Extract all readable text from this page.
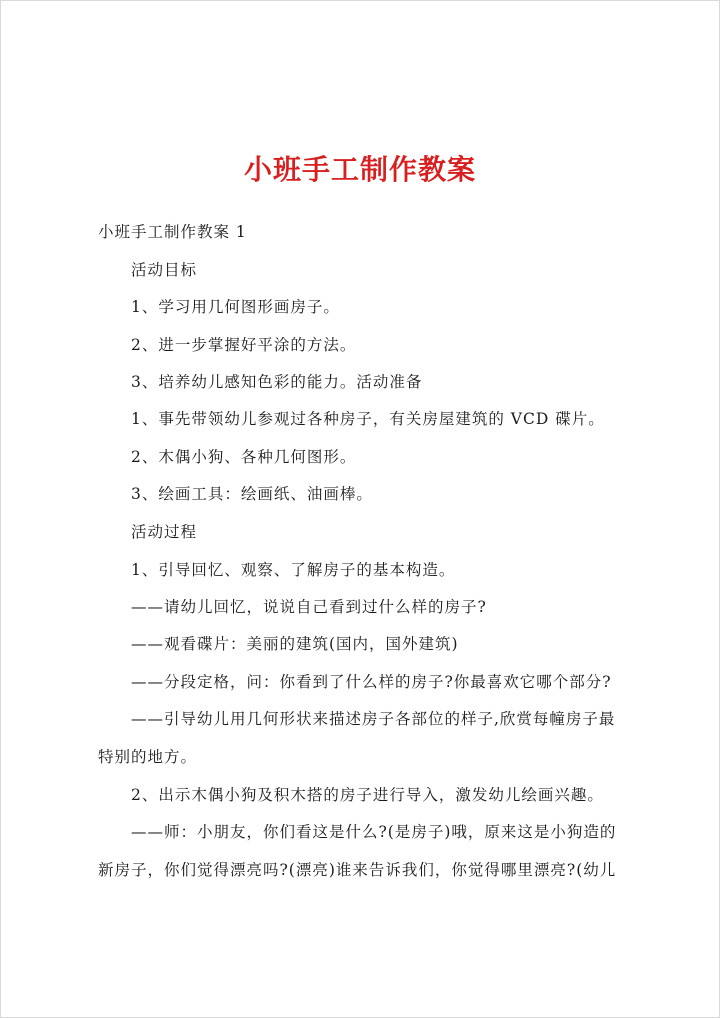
小班手工制作教案
小班手工制作教案 1
活动目标
1、学习用几何图形画房子。
2、进一步掌握好平涂的方法。
3、培养幼儿感知色彩的能力。活动准备
1、事先带领幼儿参观过各种房子，有关房屋建筑的 VCD 碟片。
2、木偶小狗、各种几何图形。
3、绘画工具：绘画纸、油画棒。
活动过程
1、引导回忆、观察、了解房子的基本构造。
——请幼儿回忆，说说自己看到过什么样的房子?
——观看碟片：美丽的建筑(国内，国外建筑)
——分段定格，问：你看到了什么样的房子?你最喜欢它哪个部分?
——引导幼儿用几何形状来描述房子各部位的样子,欣赏每幢房子最
特别的地方。
2、出示木偶小狗及积木搭的房子进行导入，激发幼儿绘画兴趣。
——师：小朋友，你们看这是什么?(是房子)哦，原来这是小狗造的
新房子，你们觉得漂亮吗?(漂亮)谁来告诉我们，你觉得哪里漂亮?(幼儿
